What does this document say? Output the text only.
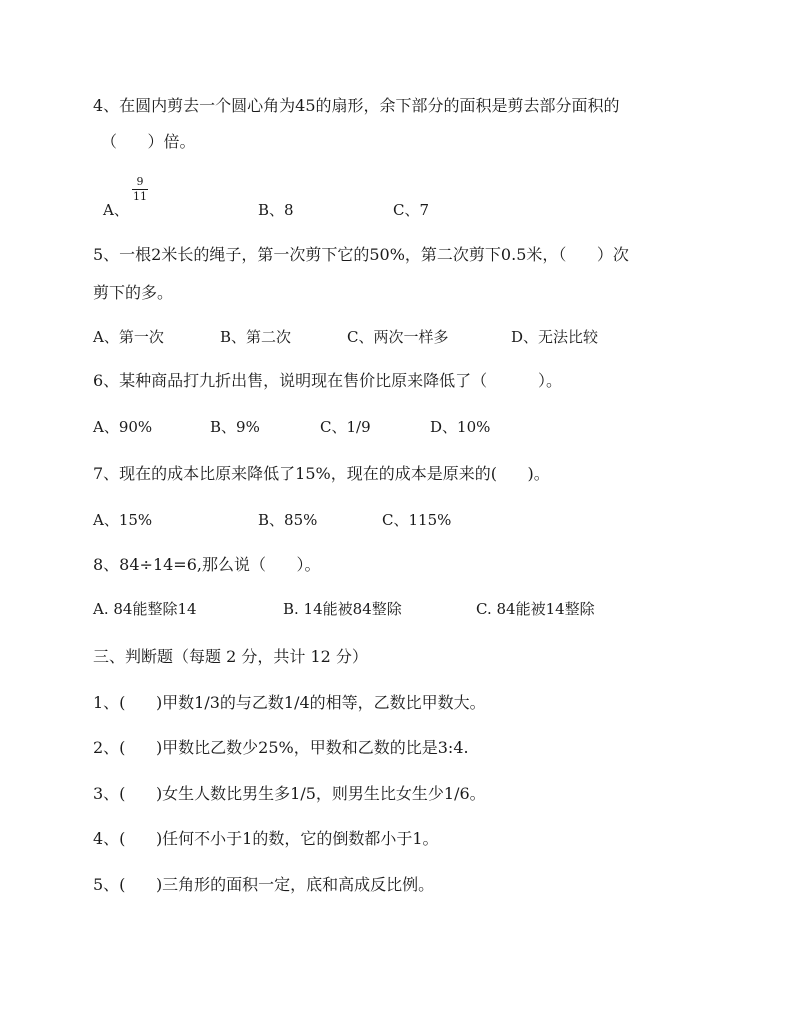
4、在圆内剪去一个圆心角为45的扇形，余下部分的面积是剪去部分面积的
（      ）倍。
A、
9
11
B、8	C、7
5、一根2米长的绳子，第一次剪下它的50%，第二次剪下0.5米，（      ）次
剪下的多。
A、第一次	B、第二次	C、两次一样多	D、无法比较
6、某种商品打九折出售，说明现在售价比原来降低了（          ）。
A、90%	B、9%	C、1/9	D、10%
7、现在的成本比原来降低了15%，现在的成本是原来的(      )。
A、15%	B、85%	C、115%
8、84÷14=6,那么说（      ）。
A. 84能整除14	B. 14能被84整除	C. 84能被14整除
三、判断题（每题 2 分，共计 12 分）
1、(      )甲数1/3的与乙数1/4的相等，乙数比甲数大。
2、(      )甲数比乙数少25%，甲数和乙数的比是3:4.
3、(      )女生人数比男生多1/5，则男生比女生少1/6。
4、(      )任何不小于1的数，它的倒数都小于1。
5、(      )三角形的面积一定，底和高成反比例。
